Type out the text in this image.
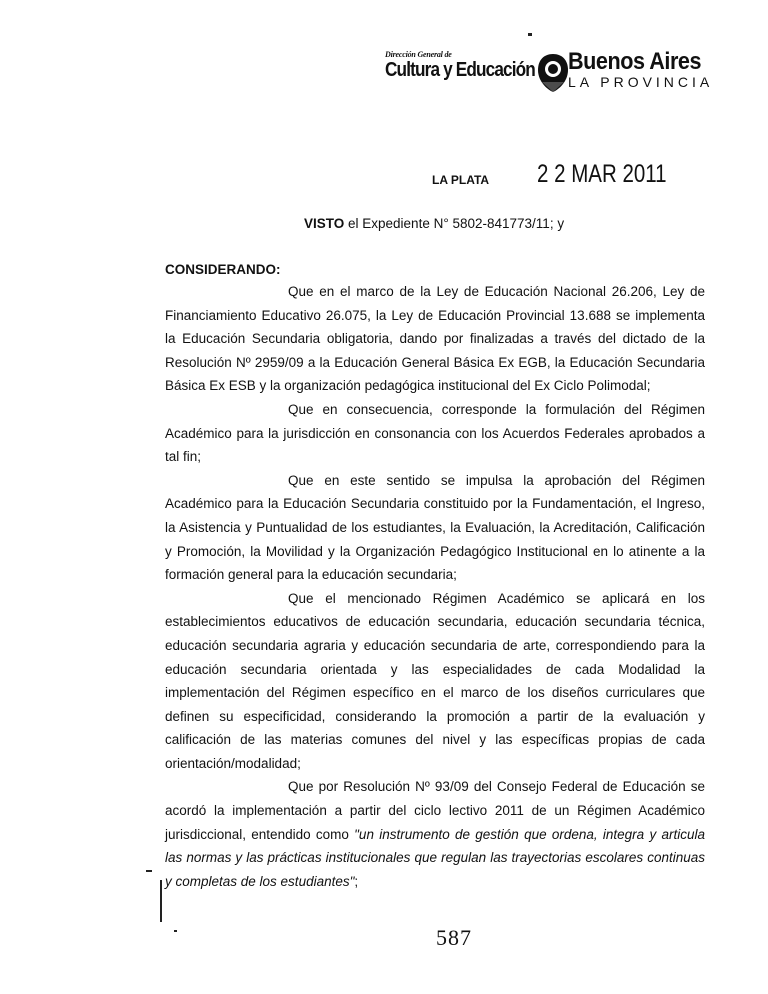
Dirección General de
Cultura y Educación Buenos Aires
LA PROVINCIA
LA PLATA 2 2 MAR 2011
VISTO el Expediente N° 5802-841773/11; y
CONSIDERANDO:

Que en el marco de la Ley de Educación Nacional 26.206, Ley de Financiamiento Educativo 26.075, la Ley de Educación Provincial 13.688 se implementa la Educación Secundaria obligatoria, dando por finalizadas a través del dictado de la Resolución Nº 2959/09 a la Educación General Básica Ex EGB, la Educación Secundaria Básica Ex ESB y la organización pedagógica institucional del Ex Ciclo Polimodal;

Que en consecuencia, corresponde la formulación del Régimen Académico para la jurisdicción en consonancia con los Acuerdos Federales aprobados a tal fin;

Que en este sentido se impulsa la aprobación del Régimen Académico para la Educación Secundaria constituido por la Fundamentación, el Ingreso, la Asistencia y Puntualidad de los estudiantes, la Evaluación, la Acreditación, Calificación y Promoción, la Movilidad y la Organización Pedagógico Institucional en lo atinente a la formación general para la educación secundaria;

Que el mencionado Régimen Académico se aplicará en los establecimientos educativos de educación secundaria, educación secundaria técnica, educación secundaria agraria y educación secundaria de arte, correspondiendo para la educación secundaria orientada y las especialidades de cada Modalidad la implementación del Régimen específico en el marco de los diseños curriculares que definen su especificidad, considerando la promoción a partir de la evaluación y calificación de las materias comunes del nivel y las específicas propias de cada orientación/modalidad;

Que por Resolución Nº 93/09 del Consejo Federal de Educación se acordó la implementación a partir del ciclo lectivo 2011 de un Régimen Académico jurisdiccional, entendido como "un instrumento de gestión que ordena, integra y articula las normas y las prácticas institucionales que regulan las trayectorias escolares continuas y completas de los estudiantes";

587
